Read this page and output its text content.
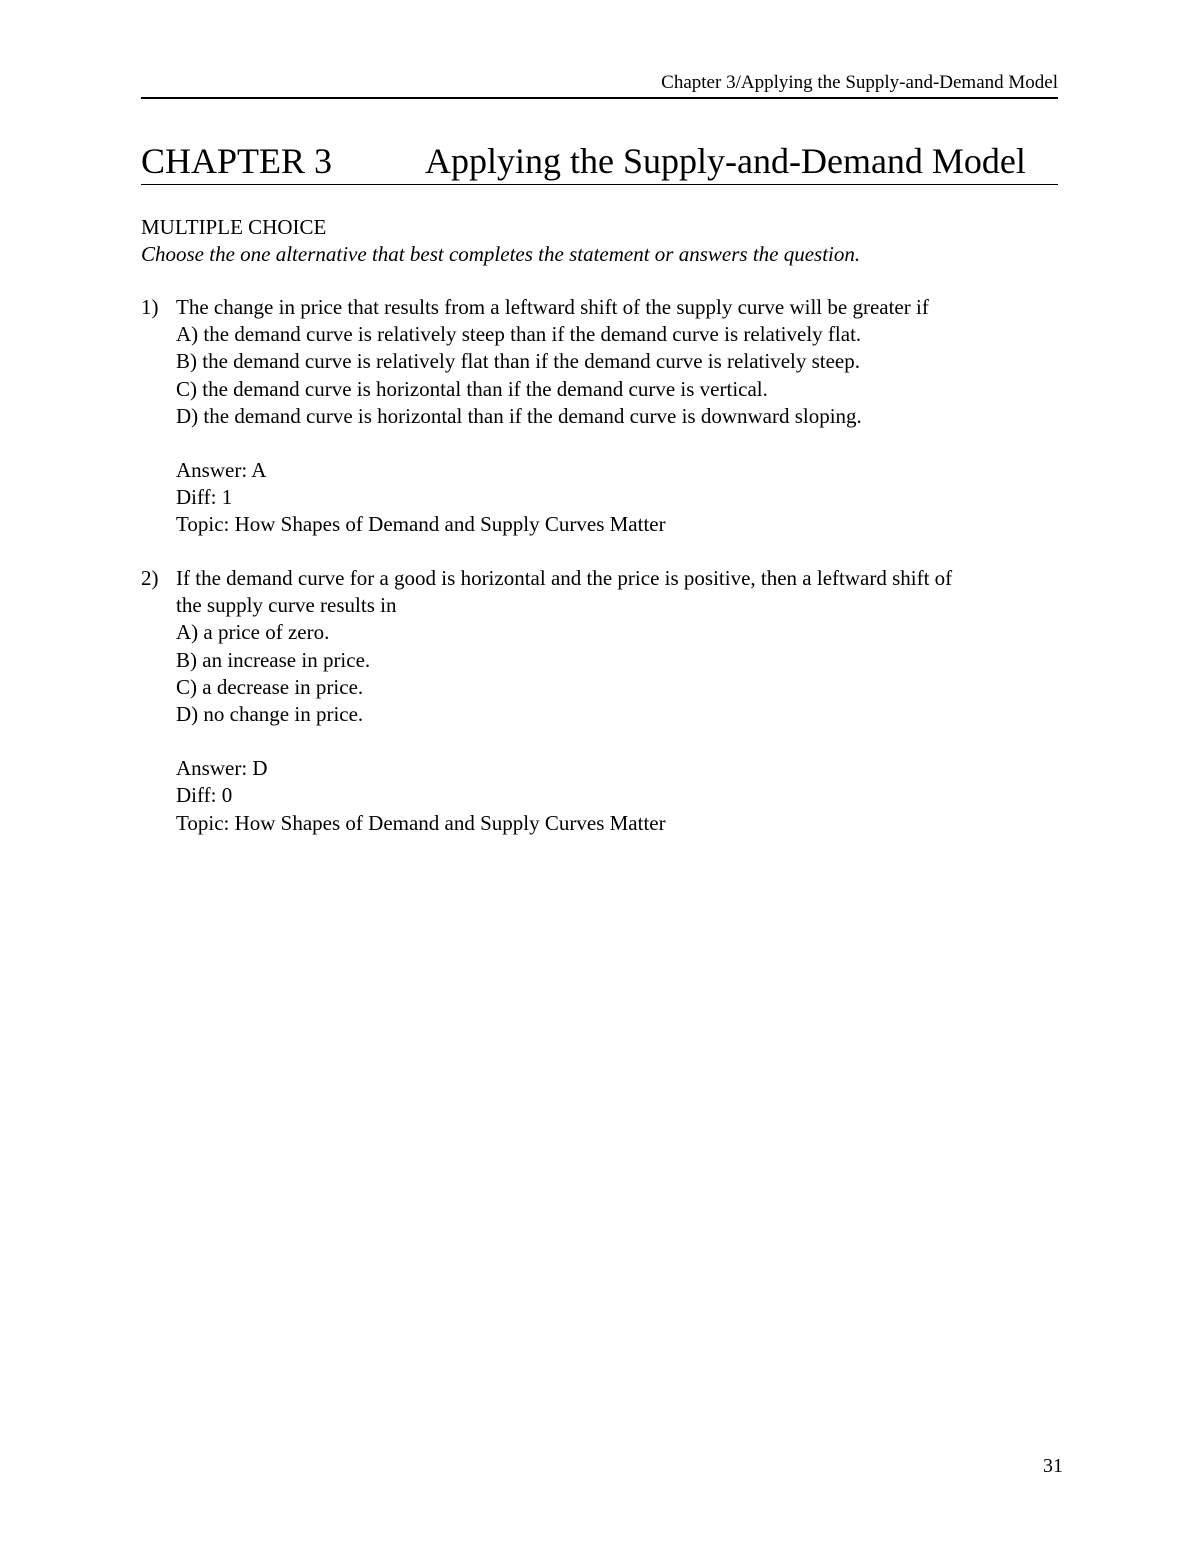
Chapter 3/Applying the Supply-and-Demand Model
CHAPTER 3	Applying the Supply-and-Demand Model
MULTIPLE CHOICE
Choose the one alternative that best completes the statement or answers the question.
1) The change in price that results from a leftward shift of the supply curve will be greater if
A) the demand curve is relatively steep than if the demand curve is relatively flat.
B) the demand curve is relatively flat than if the demand curve is relatively steep.
C) the demand curve is horizontal than if the demand curve is vertical.
D) the demand curve is horizontal than if the demand curve is downward sloping.
Answer: A
Diff: 1
Topic: How Shapes of Demand and Supply Curves Matter
2) If the demand curve for a good is horizontal and the price is positive, then a leftward shift of
the supply curve results in
A) a price of zero.
B) an increase in price.
C) a decrease in price.
D) no change in price.
Answer: D
Diff: 0
Topic: How Shapes of Demand and Supply Curves Matter
31
